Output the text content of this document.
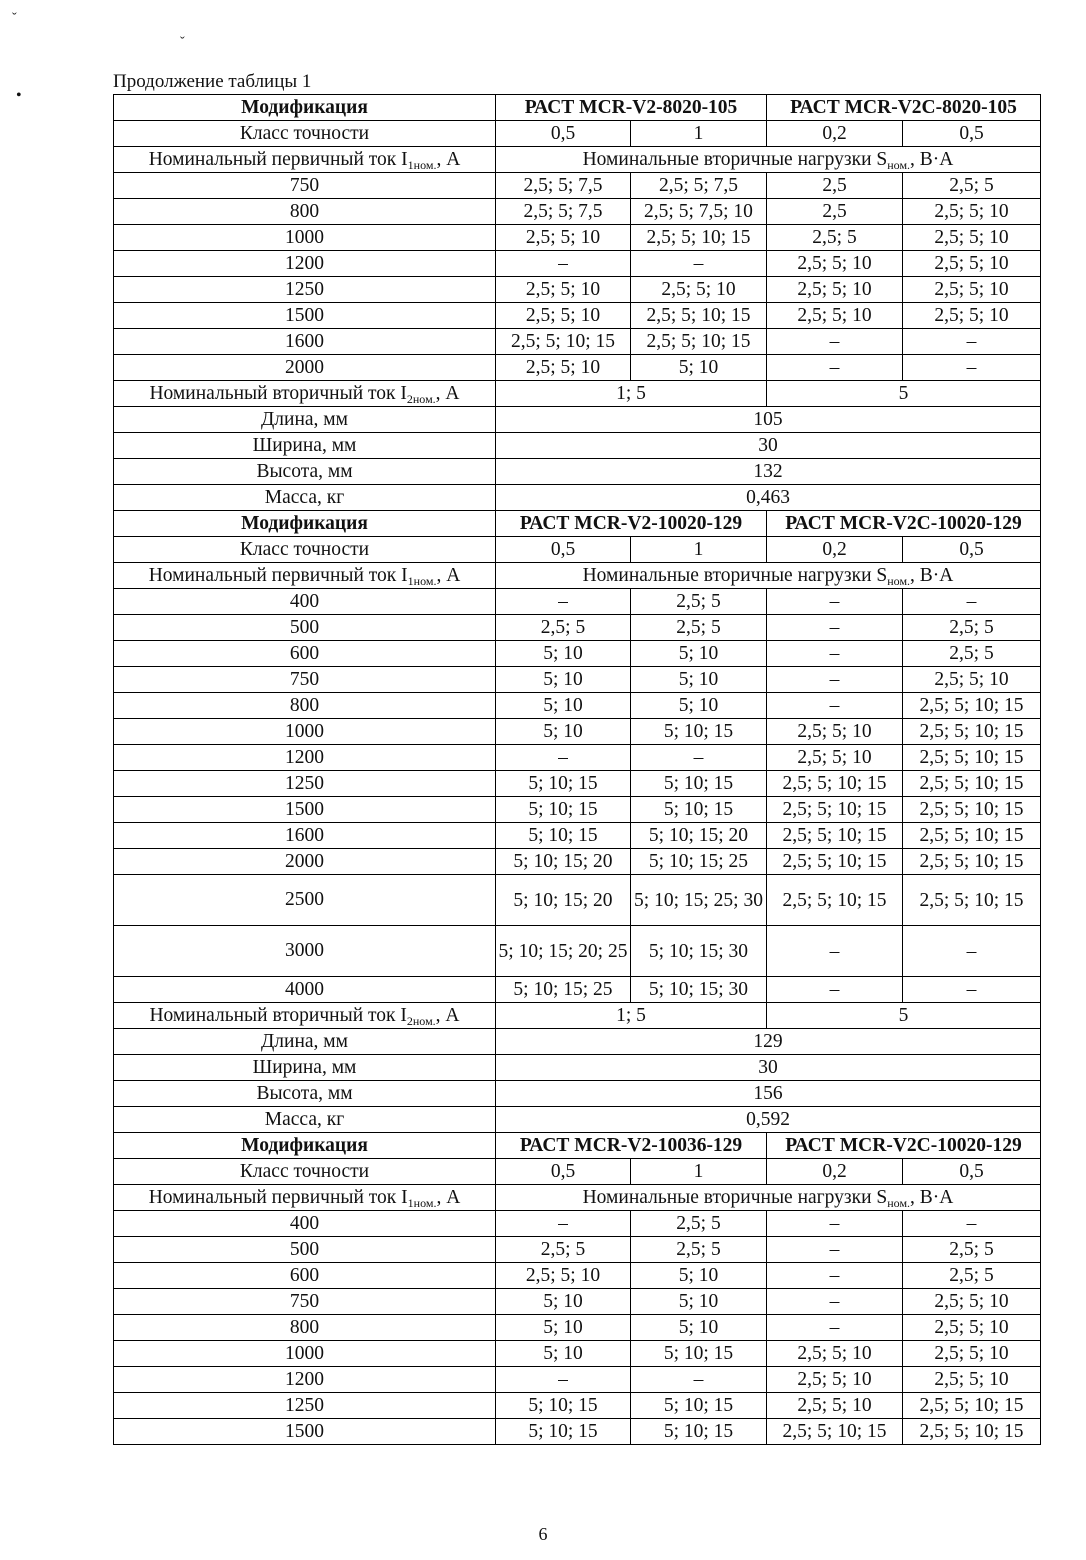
ˇ
ˇ
•
Продолжение таблицы 1
Модификация	РАСТ MCR-V2-8020-105		РАСТ MCR-V2C-8020-105	
Класс точности	0,5	1	0,2	0,5
Номинальный первичный ток $I_{1ном.}$, А	Номинальные вторичные нагрузки $S_{ном.}$, В·А			
750	2,5; 5; 7,5	2,5; 5; 7,5	2,5	2,5; 5
800	2,5; 5; 7,5	2,5; 5; 7,5; 10	2,5	2,5; 5; 10
1000	2,5; 5; 10	2,5; 5; 10; 15	2,5; 5	2,5; 5; 10
1200	–	–	2,5; 5; 10	2,5; 5; 10
1250	2,5; 5; 10	2,5; 5; 10	2,5; 5; 10	2,5; 5; 10
1500	2,5; 5; 10	2,5; 5; 10; 15	2,5; 5; 10	2,5; 5; 10
1600	2,5; 5; 10; 15	2,5; 5; 10; 15	–	–
2000	2,5; 5; 10	5; 10	–	–
Номинальный вторичный ток $I_{2ном.}$, А	1; 5		5	
Длина, мм	105			
Ширина, мм	30			
Высота, мм	132			
Масса, кг	0,463			
Модификация	РАСТ MCR-V2-10020-129		РАСТ MCR-V2C-10020-129	
Класс точности	0,5	1	0,2	0,5
Номинальный первичный ток $I_{1ном.}$, А	Номинальные вторичные нагрузки $S_{ном.}$, В·А			
400	–	2,5; 5	–	–
500	2,5; 5	2,5; 5	–	2,5; 5
600	5; 10	5; 10	–	2,5; 5
750	5; 10	5; 10	–	2,5; 5; 10
800	5; 10	5; 10	–	2,5; 5; 10; 15
1000	5; 10	5; 10; 15	2,5; 5; 10	2,5; 5; 10; 15
1200	–	–	2,5; 5; 10	2,5; 5; 10; 15
1250	5; 10; 15	5; 10; 15	2,5; 5; 10; 15	2,5; 5; 10; 15
1500	5; 10; 15	5; 10; 15	2,5; 5; 10; 15	2,5; 5; 10; 15
1600	5; 10; 15	5; 10; 15; 20	2,5; 5; 10; 15	2,5; 5; 10; 15
2000	5; 10; 15; 20	5; 10; 15; 25	2,5; 5; 10; 15	2,5; 5; 10; 15
2500	5; 10; 15; 20	5; 10; 15; 25; 30	2,5; 5; 10; 15	2,5; 5; 10; 15
3000	5; 10; 15; 20; 25	5; 10; 15; 30	–	–
4000	5; 10; 15; 25	5; 10; 15; 30	–	–
Номинальный вторичный ток $I_{2ном.}$, А	1; 5		5	
Длина, мм	129			
Ширина, мм	30			
Высота, мм	156			
Масса, кг	0,592			
Модификация	РАСТ MCR-V2-10036-129		РАСТ MCR-V2C-10020-129	
Класс точности	0,5	1	0,2	0,5
Номинальный первичный ток $I_{1ном.}$, А	Номинальные вторичные нагрузки $S_{ном.}$, В·А			
400	–	2,5; 5	–	–
500	2,5; 5	2,5; 5	–	2,5; 5
600	2,5; 5; 10	5; 10	–	2,5; 5
750	5; 10	5; 10	–	2,5; 5; 10
800	5; 10	5; 10	–	2,5; 5; 10
1000	5; 10	5; 10; 15	2,5; 5; 10	2,5; 5; 10
1200	–	–	2,5; 5; 10	2,5; 5; 10
1250	5; 10; 15	5; 10; 15	2,5; 5; 10	2,5; 5; 10; 15
1500	5; 10; 15	5; 10; 15	2,5; 5; 10; 15	2,5; 5; 10; 15
6
